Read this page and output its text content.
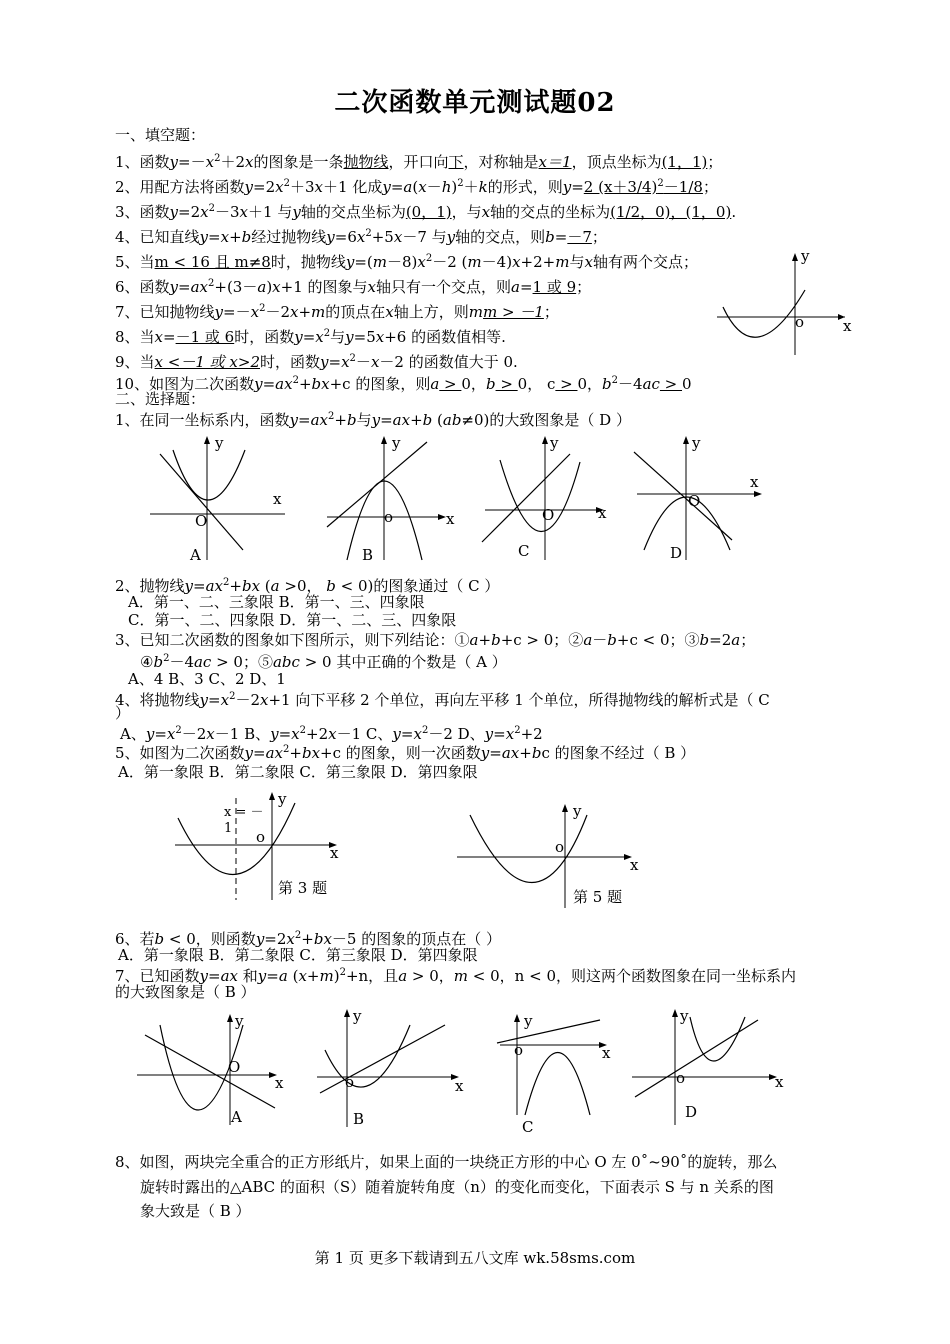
二次函数单元测试题02
一、填空题：
1、函数$y=-x^2+2x$的图象是一条抛物线，开口向下，对称轴是x＝1，顶点坐标为(1，1)；
2、用配方法将函数$y=2x^2+3x+1$ 化成$y=a(x-h)^2+k$的形式，则y=2 $(x+3/4)^2-1/8$；
3、函数$y=2x^2-3x+1$ 与y轴的交点坐标为(0，1)，与x轴的交点的坐标为(1/2，0)，(1，0).
4、已知直线y=x+b经过抛物线$y=6x^2+5x-7$ 与y轴的交点，则b=－7；
5、当m < 16 且 m≠8时，抛物线$y=(m-8)x^2-2$ (m－4)x+2+m与x轴有两个交点；
6、函数$y=ax^2+(3-a)x+1$ 的图象与x轴只有一个交点，则a=1 或 9；
7、已知抛物线$y=-x^2-2x+m$的顶点在x轴上方，则mm > －1；
8、当x=－1 或 6时，函数$y=x^2$与y=5x+6 的函数值相等.
9、当x <－1 或 x>2时，函数$y=x^2-x-2$ 的函数值大于 0.
10、如图为二次函数$y=ax^2+bx+c$ 的图象，则a > 0，b > 0， c > 0，$b^2-4ac > 0$
y
x
o
二、选择题：
1、在同一坐标系内，函数$y=ax^2+b$与y=ax+b (ab≠0)的大致图象是（ D ）
y
x
O
A
y
x
o
B
y
x
O
C
y
x
O
D
2、抛物线$y=ax^2+bx$ (a >0， b < 0)的图象通过（ C ）
A．第一、二、三象限 B．第一、三、四象限
C．第一、二、四象限 D．第一、二、三、四象限
3、已知二次函数的图象如下图所示，则下列结论：①a+b+c > 0；②a－b+c < 0；③b=2a；
$④b^2-4ac > 0$；⑤abc > 0 其中正确的个数是（ A ）
A、4 B、3 C、2 D、1
4、将抛物线$y=x^2-2x+1$ 向下平移 2 个单位，再向左平移 1 个单位，所得抛物线的解析式是（ C
）
A、$y=x^2-2x-1$ B、$y=x^2+2x-1$ C、$y=x^2-2$ D、$y=x^2+2$
5、如图为二次函数$y=ax^2+bx+c$ 的图象，则一次函数y=ax+bc 的图象不经过（ B ）
A．第一象限 B．第二象限 C．第三象限 D．第四象限
y
x
o
x = －
1
第 3 题
y
x
o
第 5 题
6、若b < 0，则函数$y=2x^2+bx-5$ 的图象的顶点在（ ）
A．第一象限 B．第二象限 C．第三象限 D．第四象限
7、已知函数y=ax 和y=a $(x+m)^2+n$，且a > 0，m < 0，n < 0，则这两个函数图象在同一坐标系内
的大致图象是（ B ）
y
x
O
A
y
x
o
B
y
x
o
C
y
x
o
D
8、如图，两块完全重合的正方形纸片，如果上面的一块绕正方形的中心 O 左 0˚~90˚的旋转，那么
旋转时露出的△ABC 的面积（S）随着旋转角度（n）的变化而变化，下面表示 S 与 n 关系的图
象大致是（ B ）
第 1 页 更多下载请到五八文库 wk.58sms.com
